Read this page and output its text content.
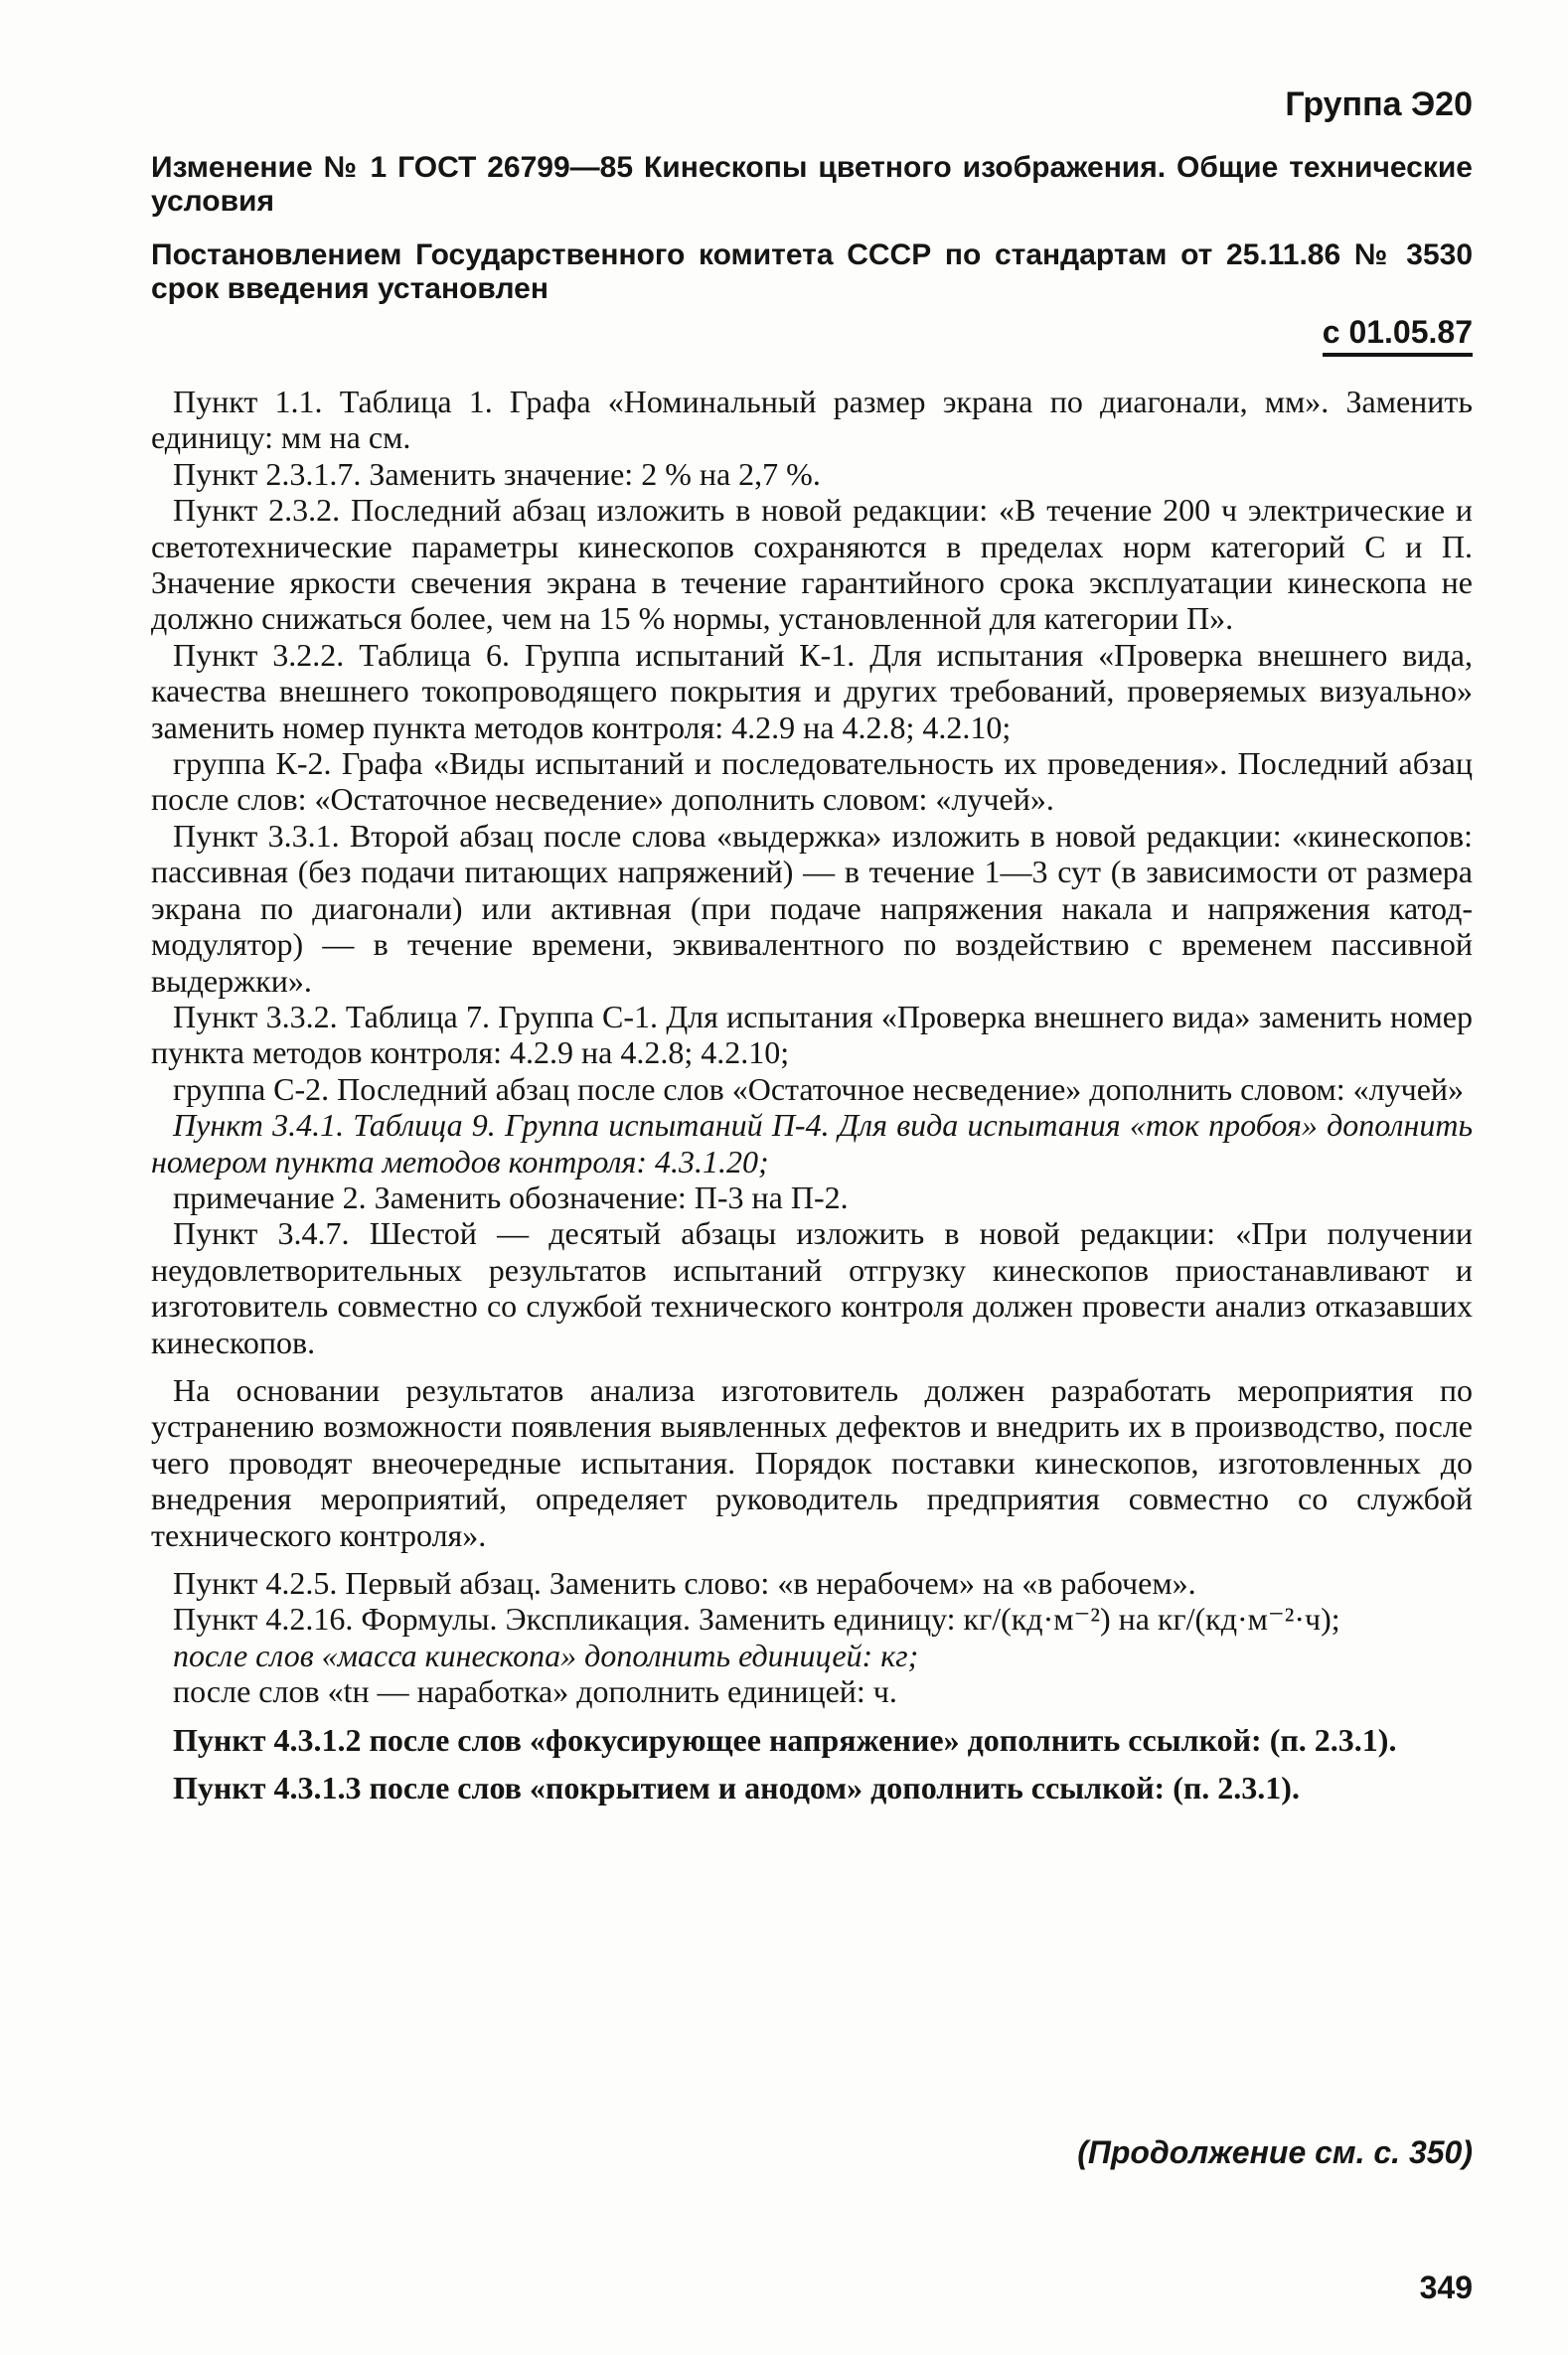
Группа Э20
Изменение № 1 ГОСТ 26799—85 Кинескопы цветного изображения. Общие технические условия
Постановлением Государственного комитета СССР по стандартам от 25.11.86 № 3530 срок введения установлен
с 01.05.87

Пункт 1.1. Таблица 1. Графа «Номинальный размер экрана по диагонали, мм». Заменить единицу: мм на см.

Пункт 2.3.1.7. Заменить значение: 2 % на 2,7 %.

Пункт 2.3.2. Последний абзац изложить в новой редакции: «В течение 200 ч электрические и светотехнические параметры кинескопов сохраняются в пределах норм категорий С и П. Значение яркости свечения экрана в течение гарантийного срока эксплуатации кинескопа не должно снижаться более, чем на 15 % нормы, установленной для категории П».

Пункт 3.2.2. Таблица 6. Группа испытаний К-1. Для испытания «Проверка внешнего вида, качества внешнего токопроводящего покрытия и других требований, проверяемых визуально» заменить номер пункта методов контроля: 4.2.9 на 4.2.8; 4.2.10;

группа К-2. Графа «Виды испытаний и последовательность их проведения». Последний абзац после слов: «Остаточное несведение» дополнить словом: «лучей».

Пункт 3.3.1. Второй абзац после слова «выдержка» изложить в новой редакции: «кинескопов: пассивная (без подачи питающих напряжений) — в течение 1—3 сут (в зависимости от размера экрана по диагонали) или активная (при подаче напряжения накала и напряжения катод-модулятор) — в течение времени, эквивалентного по воздействию с временем пассивной выдержки».

Пункт 3.3.2. Таблица 7. Группа С-1. Для испытания «Проверка внешнего вида» заменить номер пункта методов контроля: 4.2.9 на 4.2.8; 4.2.10;

группа С-2. Последний абзац после слов «Остаточное несведение» дополнить словом: «лучей»

Пункт 3.4.1. Таблица 9. Группа испытаний П-4. Для вида испытания «ток пробоя» дополнить номером пункта методов контроля: 4.3.1.20;

примечание 2. Заменить обозначение: П-3 на П-2.

Пункт 3.4.7. Шестой — десятый абзацы изложить в новой редакции: «При получении неудовлетворительных результатов испытаний отгрузку кинескопов приостанавливают и изготовитель совместно со службой технического контроля должен провести анализ отказавших кинескопов.

На основании результатов анализа изготовитель должен разработать мероприятия по устранению возможности появления выявленных дефектов и внедрить их в производство, после чего проводят внеочередные испытания. Порядок поставки кинескопов, изготовленных до внедрения мероприятий, определяет руководитель предприятия совместно со службой технического контроля».

Пункт 4.2.5. Первый абзац. Заменить слово: «в нерабочем» на «в рабочем».

Пункт 4.2.16. Формулы. Экспликация. Заменить единицу: кг/(кд·м⁻²) на кг/(кд·м⁻²·ч);

после слов «масса кинескопа» дополнить единицей: кг;

после слов «tн — наработка» дополнить единицей: ч.

Пункт 4.3.1.2 после слов «фокусирующее напряжение» дополнить ссылкой: (п. 2.3.1).

Пункт 4.3.1.3 после слов «покрытием и анодом» дополнить ссылкой: (п. 2.3.1).

(Продолжение см. с. 350)
349
